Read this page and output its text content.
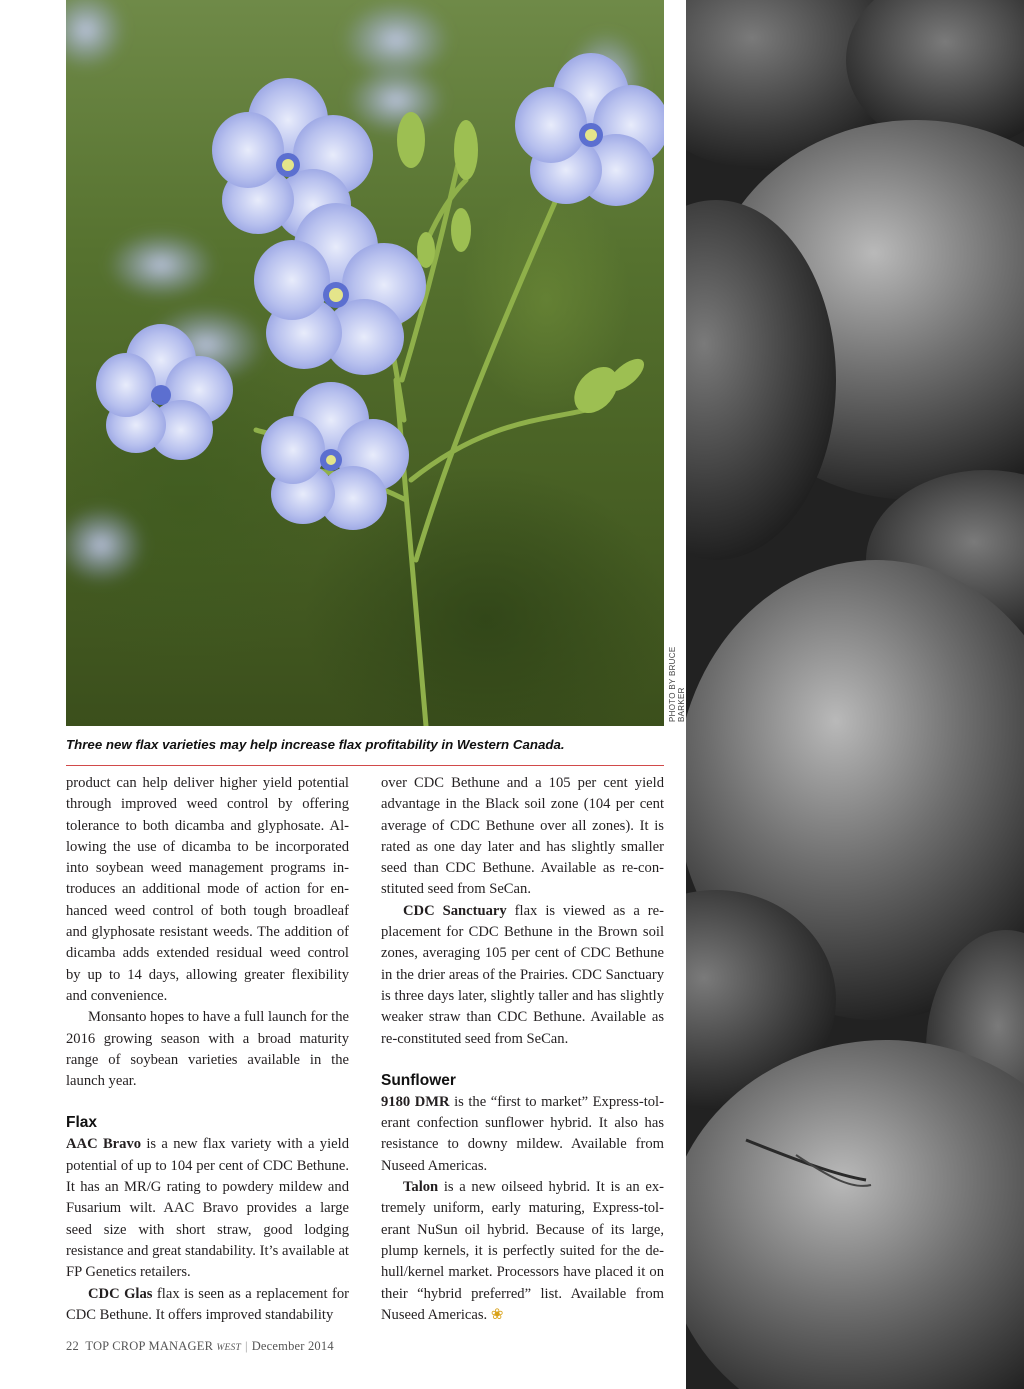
PHOTO BY BRUCE BARKER
Three new flax varieties may help increase flax profitability in Western Canada.

product can help deliver higher yield potential through improved weed control by offering tolerance to both dicamba and glyphosate. Allowing the use of dicamba to be incorporated into soybean weed management programs introduces an additional mode of action for enhanced weed control of both tough broadleaf and glyphosate resistant weeds. The addition of dicamba adds extended residual weed control by up to 14 days, allowing greater flexibility and convenience.

Monsanto hopes to have a full launch for the 2016 growing season with a broad maturity range of soybean varieties available in the launch year.

Flax

AAC Bravo is a new flax variety with a yield potential of up to 104 per cent of CDC Bethune. It has an MR/G rating to powdery mildew and Fusarium wilt. AAC Bravo provides a large seed size with short straw, good lodging resistance and great standability. It’s available at FP Genetics retailers.

CDC Glas flax is seen as a replacement for CDC Bethune. It offers improved standability

over CDC Bethune and a 105 per cent yield advantage in the Black soil zone (104 per cent average of CDC Bethune over all zones). It is rated as one day later and has slightly smaller seed than CDC Bethune. Available as re-constituted seed from SeCan.

CDC Sanctuary flax is viewed as a replacement for CDC Bethune in the Brown soil zones, averaging 105 per cent of CDC Bethune in the drier areas of the Prairies. CDC Sanctuary is three days later, slightly taller and has slightly weaker straw than CDC Bethune. Available as re-constituted seed from SeCan.

Sunflower

9180 DMR is the “first to market” Express-tolerant confection sunflower hybrid. It also has resistance to downy mildew. Available from Nuseed Americas.

Talon is a new oilseed hybrid. It is an extremely uniform, early maturing, Express-tolerant NuSun oil hybrid. Because of its large, plump kernels, it is perfectly suited for the dehull/kernel market. Processors have placed it on their “hybrid preferred” list. Available from Nuseed Americas. ❀

22 TOP CROP MANAGER WEST | December 2014
